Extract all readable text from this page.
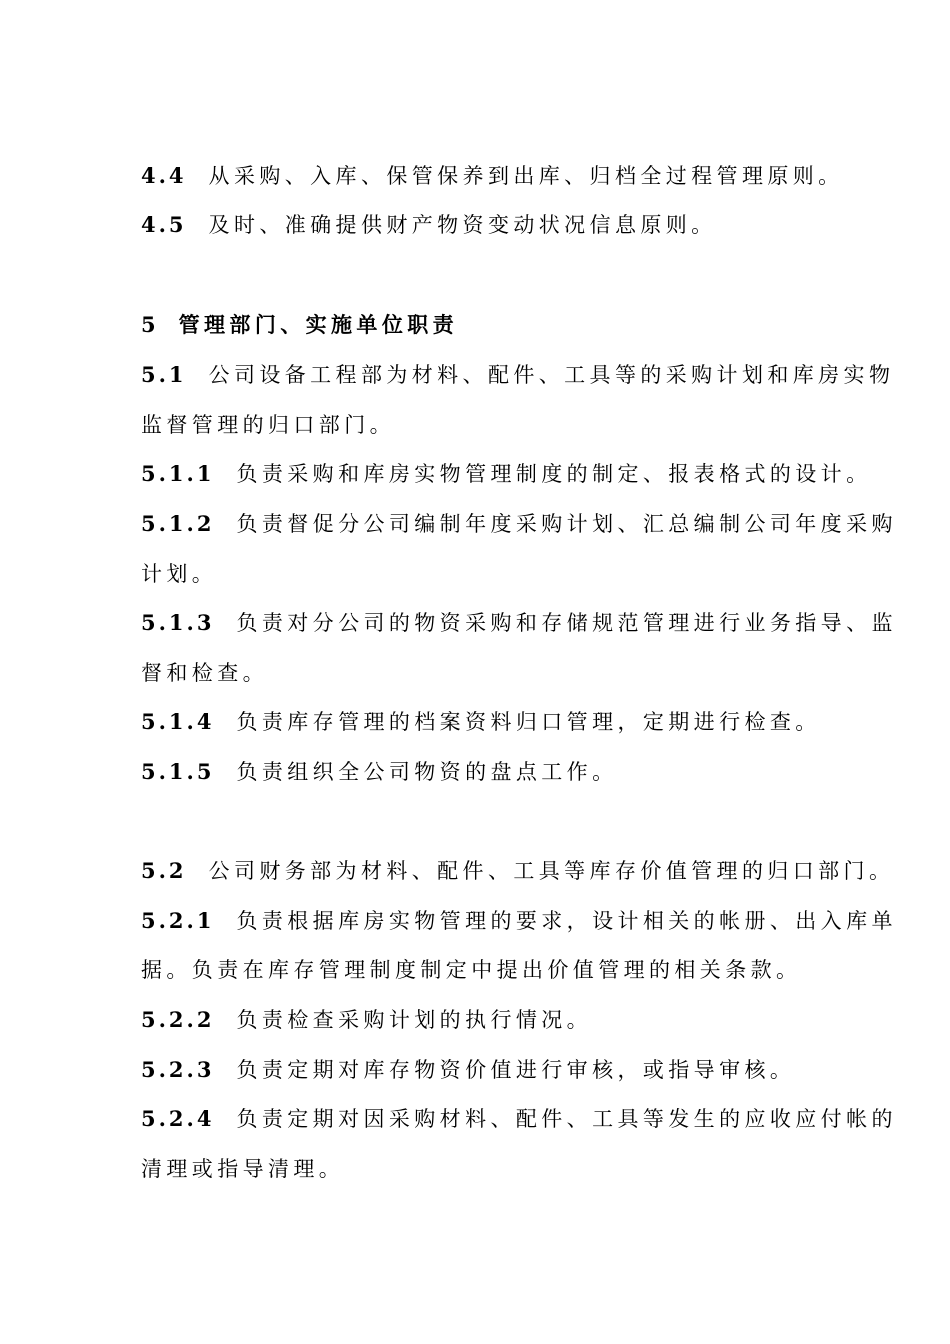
4.4 从采购、入库、保管保养到出库、归档全过程管理原则。
4.5 及时、准确提供财产物资变动状况信息原则。
5 管理部门、实施单位职责
5.1 公司设备工程部为材料、配件、工具等的采购计划和库房实物
监督管理的归口部门。
5.1.1 负责采购和库房实物管理制度的制定、报表格式的设计。
5.1.2 负责督促分公司编制年度采购计划、汇总编制公司年度采购
计划。
5.1.3 负责对分公司的物资采购和存储规范管理进行业务指导、监
督和检查。
5.1.4 负责库存管理的档案资料归口管理，定期进行检查。
5.1.5 负责组织全公司物资的盘点工作。
5.2 公司财务部为材料、配件、工具等库存价值管理的归口部门。
5.2.1 负责根据库房实物管理的要求，设计相关的帐册、出入库单
据。负责在库存管理制度制定中提出价值管理的相关条款。
5.2.2 负责检查采购计划的执行情况。
5.2.3 负责定期对库存物资价值进行审核，或指导审核。
5.2.4 负责定期对因采购材料、配件、工具等发生的应收应付帐的
清理或指导清理。
